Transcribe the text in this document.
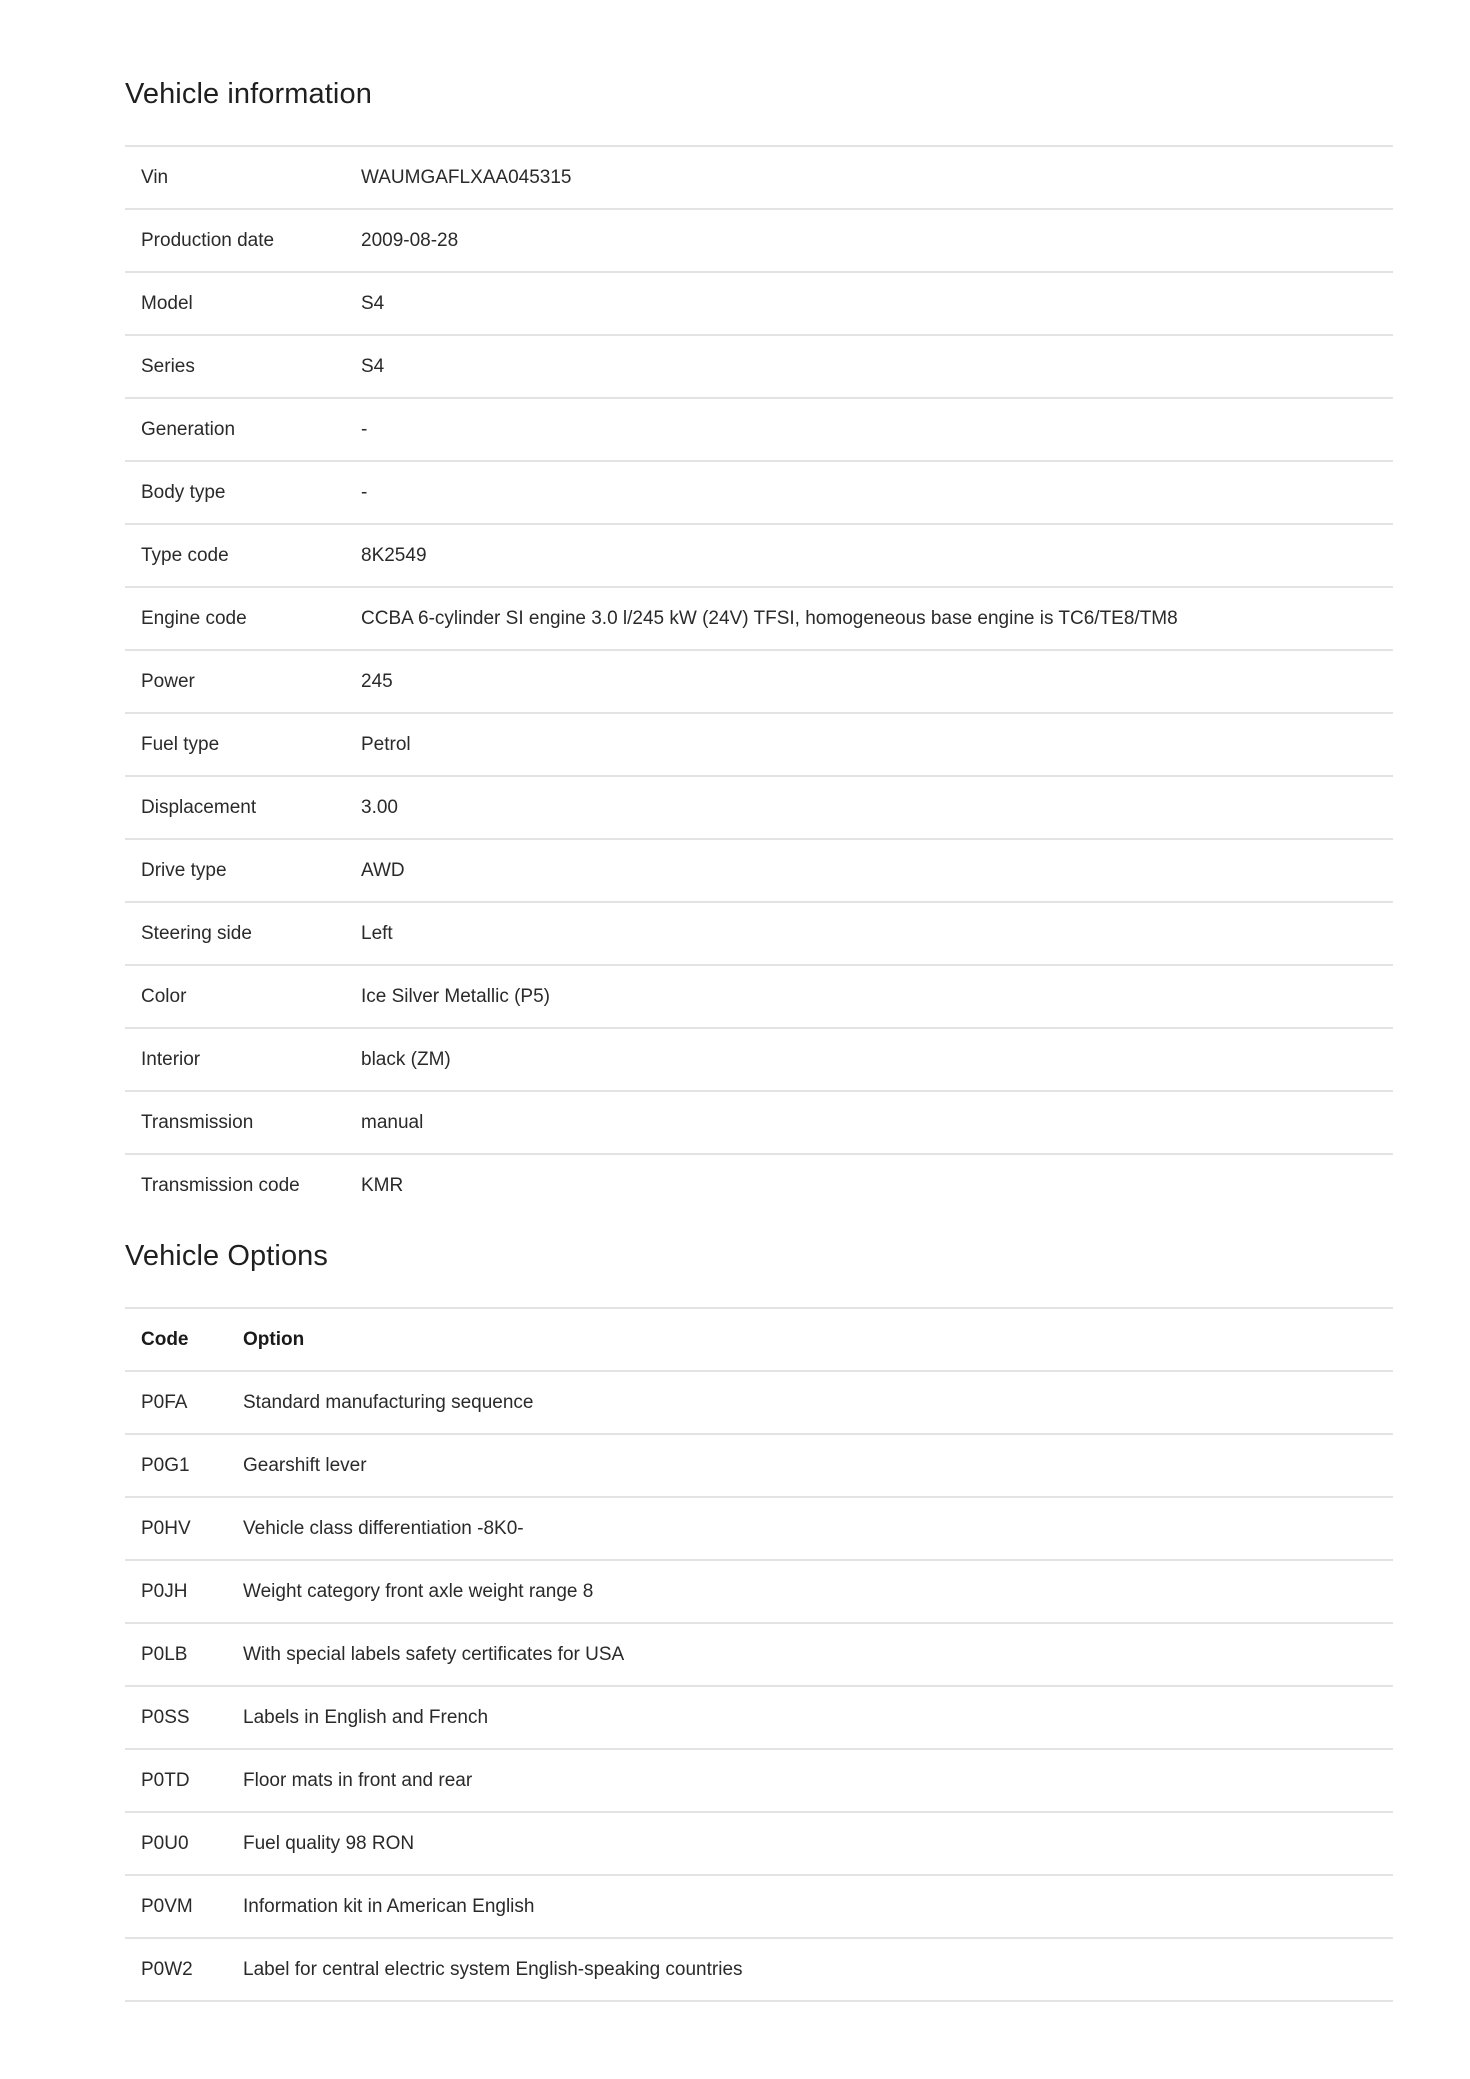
Vehicle information
Vin	WAUMGAFLXAA045315
Production date	2009-08-28
Model	S4
Series	S4
Generation	-
Body type	-
Type code	8K2549
Engine code	CCBA 6-cylinder SI engine 3.0 l/245 kW (24V) TFSI, homogeneous base engine is TC6/TE8/TM8
Power	245
Fuel type	Petrol
Displacement	3.00
Drive type	AWD
Steering side	Left
Color	Ice Silver Metallic (P5)
Interior	black (ZM)
Transmission	manual
Transmission code	KMR
Vehicle Options
Code	Option
P0FA	Standard manufacturing sequence
P0G1	Gearshift lever
P0HV	Vehicle class differentiation -8K0-
P0JH	Weight category front axle weight range 8
P0LB	With special labels safety certificates for USA
P0SS	Labels in English and French
P0TD	Floor mats in front and rear
P0U0	Fuel quality 98 RON
P0VM	Information kit in American English
P0W2	Label for central electric system English-speaking countries
